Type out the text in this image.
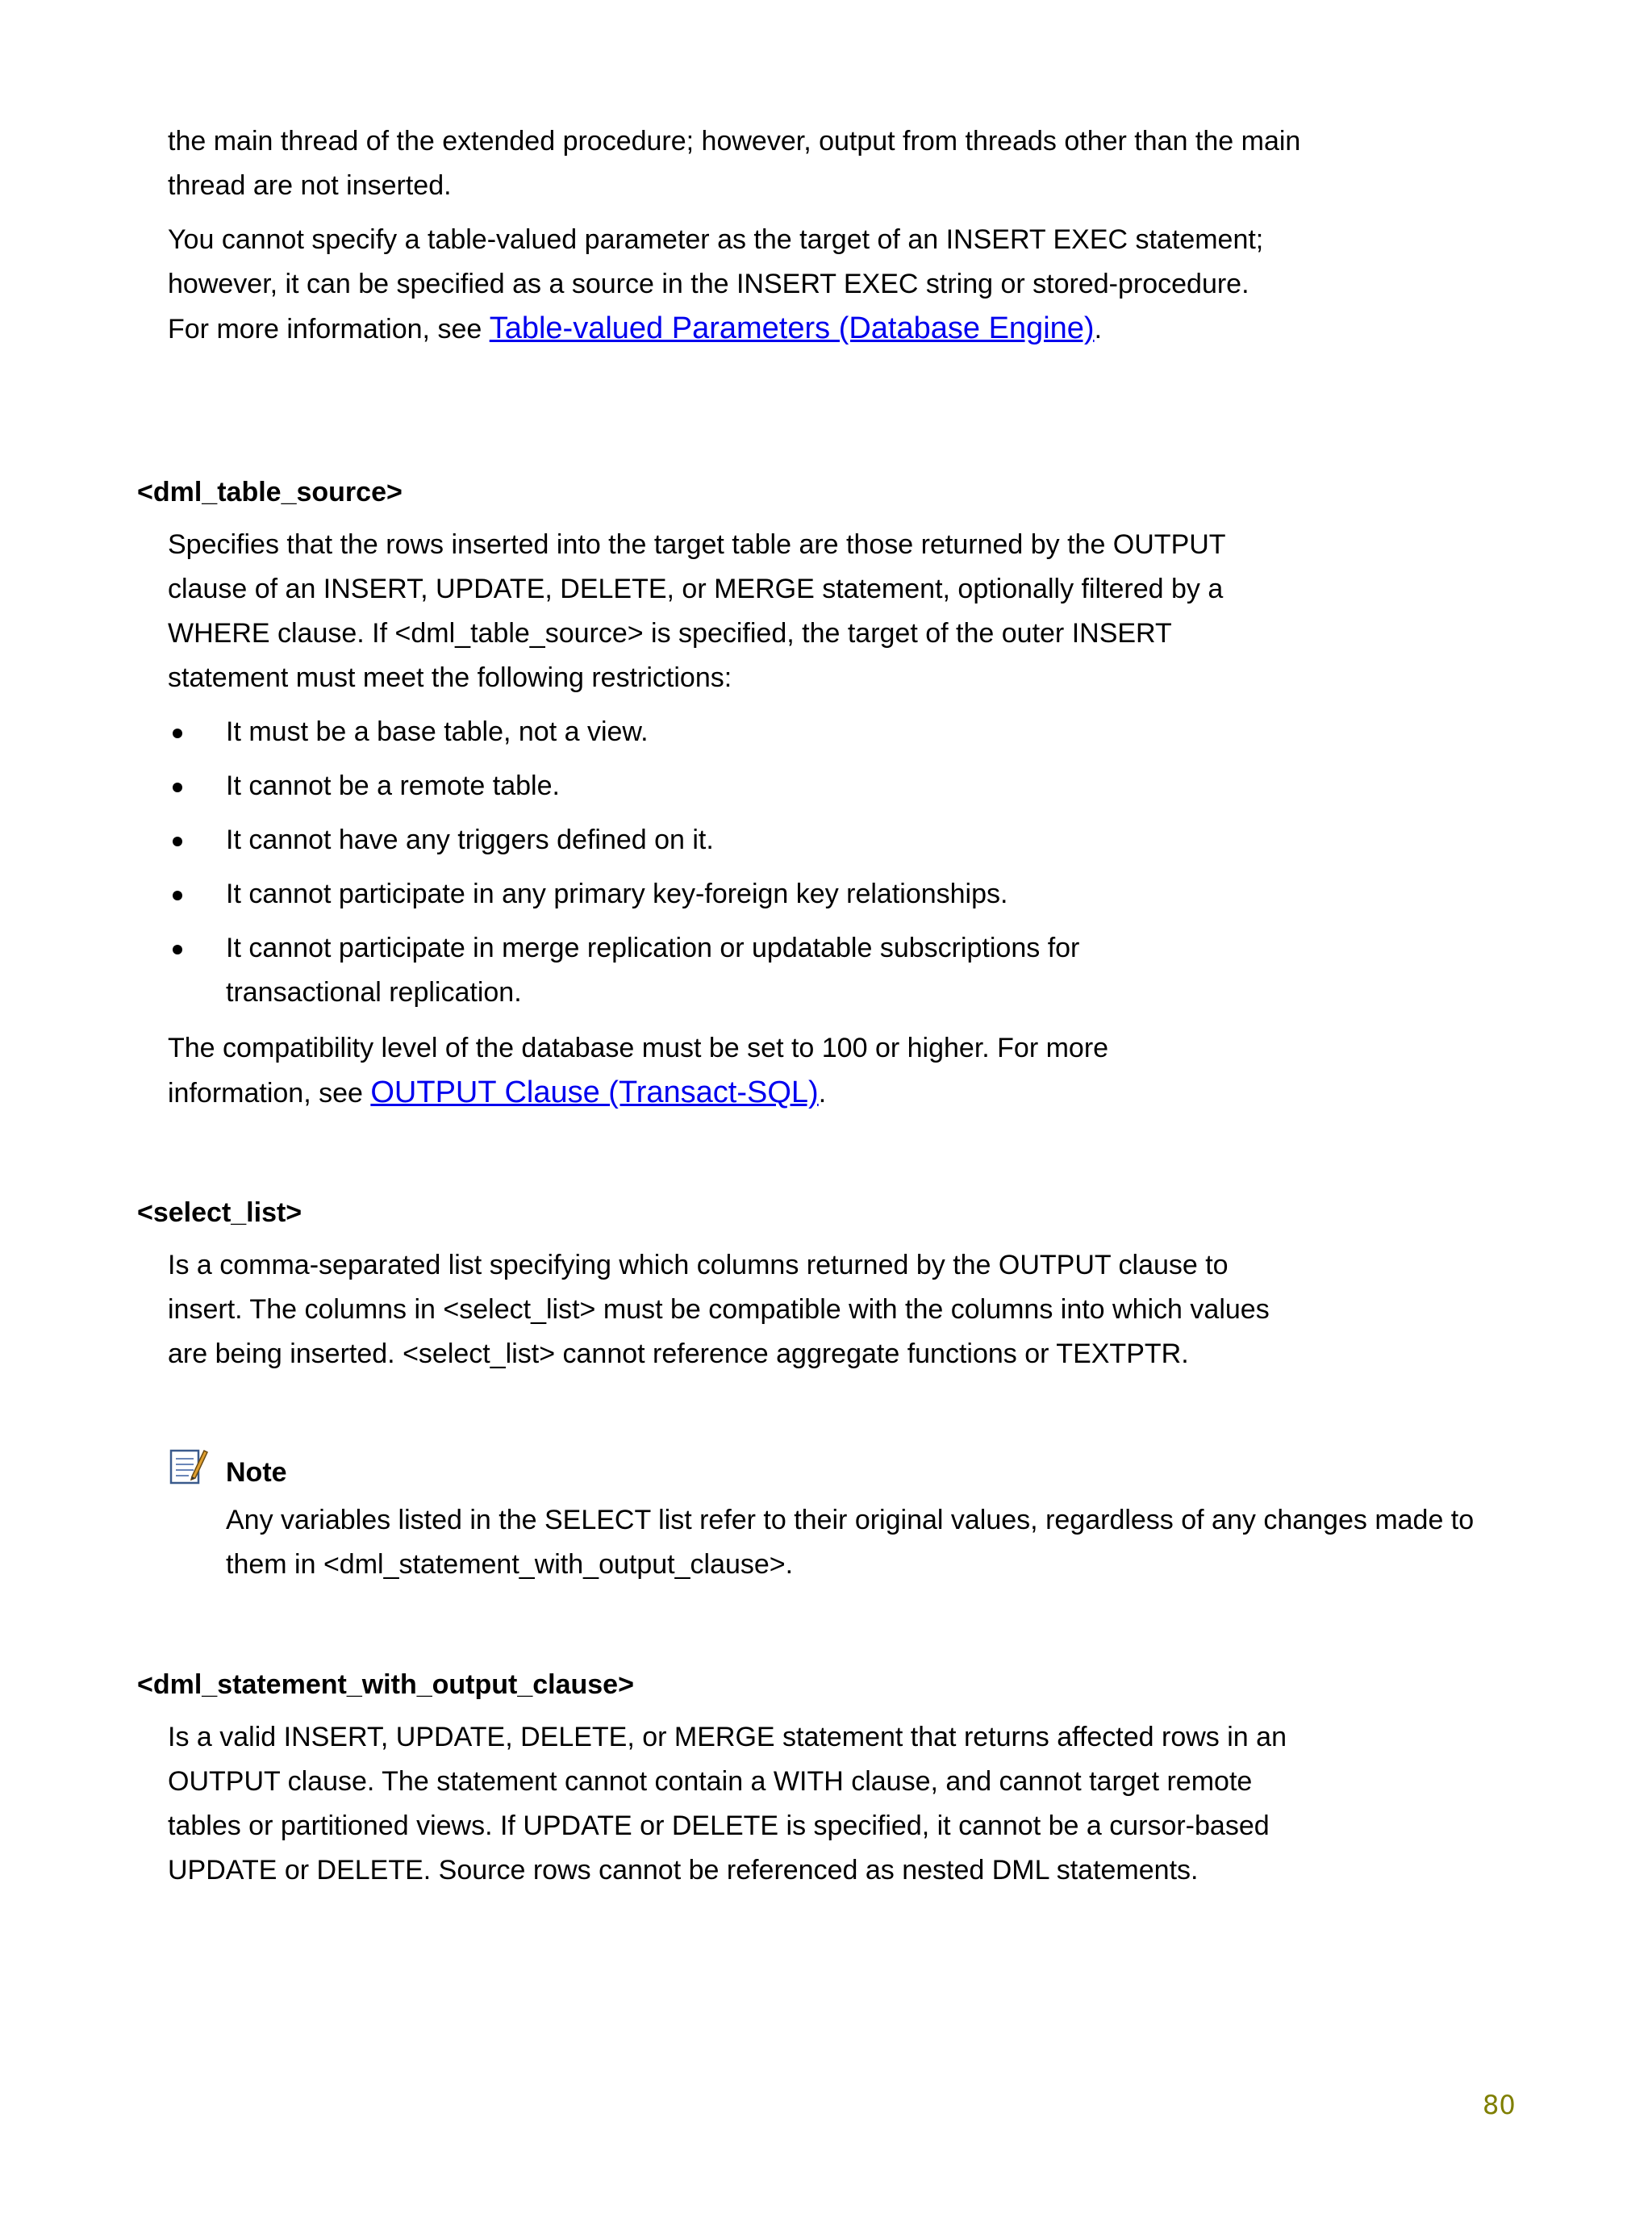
the main thread of the extended procedure; however, output from threads other than the main thread are not inserted.

You cannot specify a table-valued parameter as the target of an INSERT EXEC statement; however, it can be specified as a source in the INSERT EXEC string or stored-procedure. For more information, see Table-valued Parameters (Database Engine).

<dml_table_source>

Specifies that the rows inserted into the target table are those returned by the OUTPUT clause of an INSERT, UPDATE, DELETE, or MERGE statement, optionally filtered by a WHERE clause. If <dml_table_source> is specified, the target of the outer INSERT statement must meet the following restrictions:

It must be a base table, not a view.
It cannot be a remote table.
It cannot have any triggers defined on it.
It cannot participate in any primary key-foreign key relationships.
It cannot participate in merge replication or updatable subscriptions for transactional replication.

The compatibility level of the database must be set to 100 or higher. For more information, see OUTPUT Clause (Transact-SQL).

<select_list>

Is a comma-separated list specifying which columns returned by the OUTPUT clause to insert. The columns in <select_list> must be compatible with the columns into which values are being inserted. <select_list> cannot reference aggregate functions or TEXTPTR.

Note

Any variables listed in the SELECT list refer to their original values, regardless of any changes made to them in <dml_statement_with_output_clause>.

<dml_statement_with_output_clause>

Is a valid INSERT, UPDATE, DELETE, or MERGE statement that returns affected rows in an OUTPUT clause. The statement cannot contain a WITH clause, and cannot target remote tables or partitioned views. If UPDATE or DELETE is specified, it cannot be a cursor-based UPDATE or DELETE. Source rows cannot be referenced as nested DML statements.

80
